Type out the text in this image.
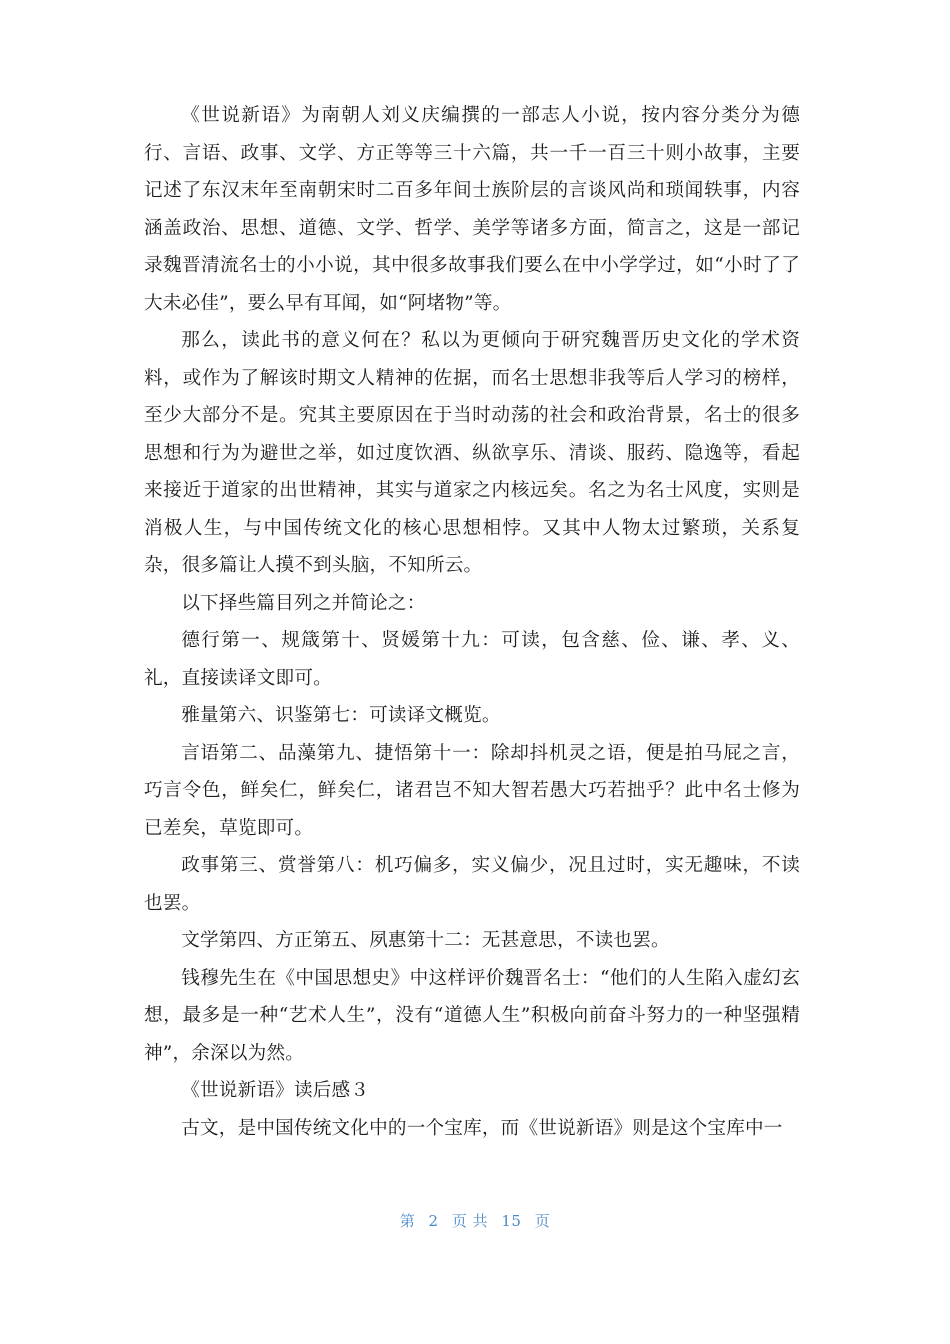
《世说新语》为南朝人刘义庆编撰的一部志人小说，按内容分类分为德行、言语、政事、文学、方正等等三十六篇，共一千一百三十则小故事，主要记述了东汉末年至南朝宋时二百多年间士族阶层的言谈风尚和琐闻轶事，内容涵盖政治、思想、道德、文学、哲学、美学等诸多方面，简言之，这是一部记录魏晋清流名士的小小说，其中很多故事我们要么在中小学学过，如“小时了了大未必佳”，要么早有耳闻，如“阿堵物”等。

那么，读此书的意义何在？私以为更倾向于研究魏晋历史文化的学术资料，或作为了解该时期文人精神的佐据，而名士思想非我等后人学习的榜样，至少大部分不是。究其主要原因在于当时动荡的社会和政治背景，名士的很多思想和行为为避世之举，如过度饮酒、纵欲享乐、清谈、服药、隐逸等，看起来接近于道家的出世精神，其实与道家之内核远矣。名之为名士风度，实则是消极人生，与中国传统文化的核心思想相悖。又其中人物太过繁琐，关系复杂，很多篇让人摸不到头脑，不知所云。

以下择些篇目列之并简论之：

德行第一、规箴第十、贤媛第十九：可读，包含慈、俭、谦、孝、义、礼，直接读译文即可。

雅量第六、识鉴第七：可读译文概览。

言语第二、品藻第九、捷悟第十一：除却抖机灵之语，便是拍马屁之言，巧言令色，鲜矣仁，鲜矣仁，诸君岂不知大智若愚大巧若拙乎？此中名士修为已差矣，草览即可。

政事第三、赏誉第八：机巧偏多，实义偏少，况且过时，实无趣味，不读也罢。

文学第四、方正第五、夙惠第十二：无甚意思，不读也罢。

钱穆先生在《中国思想史》中这样评价魏晋名士：“他们的人生陷入虚幻玄想，最多是一种“艺术人生”，没有“道德人生”积极向前奋斗努力的一种坚强精神”，余深以为然。

《世说新语》读后感３

古文，是中国传统文化中的一个宝库，而《世说新语》则是这个宝库中一

第 2 页 共 15 页
